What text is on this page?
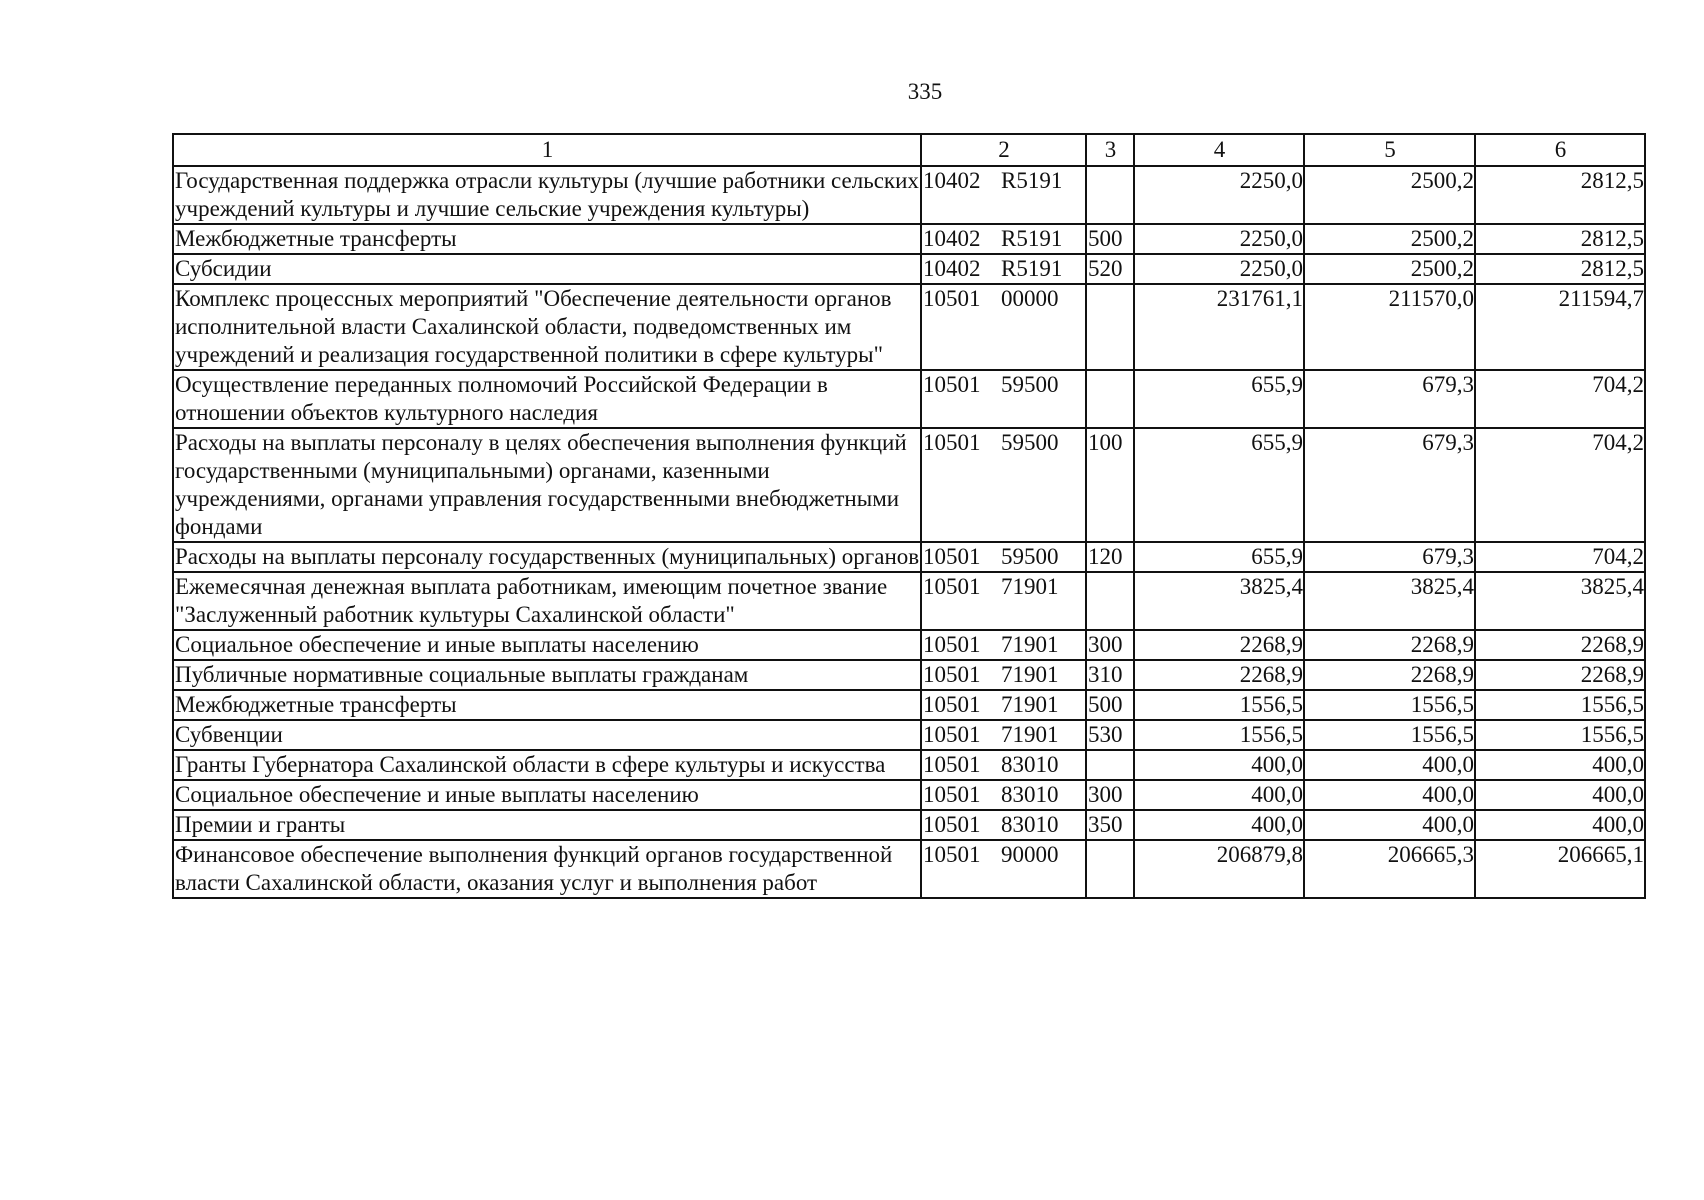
335
1	2	3	4	5	6
Государственная поддержка отрасли культуры (лучшие работники сельских учреждений культуры и лучшие сельские учреждения культуры)	10402 R5191		2250,0	2500,2	2812,5
Межбюджетные трансферты	10402 R5191	500	2250,0	2500,2	2812,5
Субсидии	10402 R5191	520	2250,0	2500,2	2812,5
Комплекс процессных мероприятий "Обеспечение деятельности органов исполнительной власти Сахалинской области, подведомственных им учреждений и реализация государственной политики в сфере культуры"	10501 00000		231761,1	211570,0	211594,7
Осуществление переданных полномочий Российской Федерации в отношении объектов культурного наследия	10501 59500		655,9	679,3	704,2
Расходы на выплаты персоналу в целях обеспечения выполнения функций государственными (муниципальными) органами, казенными учреждениями, органами управления государственными внебюджетными фондами	10501 59500	100	655,9	679,3	704,2
Расходы на выплаты персоналу государственных (муниципальных) органов	10501 59500	120	655,9	679,3	704,2
Ежемесячная денежная выплата работникам, имеющим почетное звание "Заслуженный работник культуры Сахалинской области"	10501 71901		3825,4	3825,4	3825,4
Социальное обеспечение и иные выплаты населению	10501 71901	300	2268,9	2268,9	2268,9
Публичные нормативные социальные выплаты гражданам	10501 71901	310	2268,9	2268,9	2268,9
Межбюджетные трансферты	10501 71901	500	1556,5	1556,5	1556,5
Субвенции	10501 71901	530	1556,5	1556,5	1556,5
Гранты Губернатора Сахалинской области в сфере культуры и искусства	10501 83010		400,0	400,0	400,0
Социальное обеспечение и иные выплаты населению	10501 83010	300	400,0	400,0	400,0
Премии и гранты	10501 83010	350	400,0	400,0	400,0
Финансовое обеспечение выполнения функций органов государственной власти Сахалинской области, оказания услуг и выполнения работ	10501 90000		206879,8	206665,3	206665,1
